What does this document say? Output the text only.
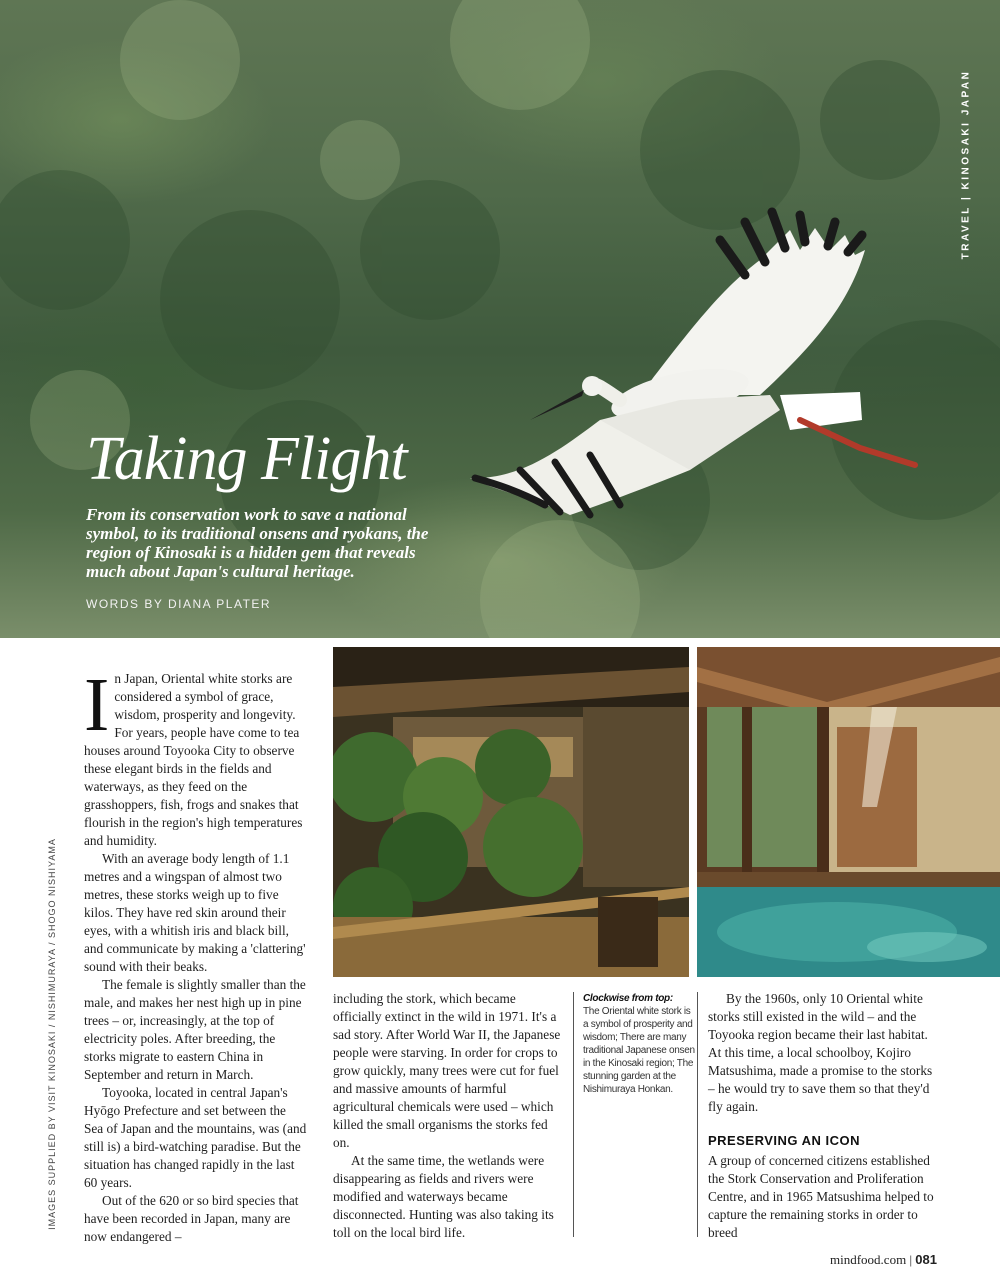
TRAVEL | KINOSAKI JAPAN
Taking Flight

From its conservation work to save a national symbol, to its traditional onsens and ryokans, the region of Kinosaki is a hidden gem that reveals much about Japan's cultural heritage.

WORDS BY DIANA PLATER
IMAGES SUPPLIED BY VISIT KINOSAKI / NISHIMURAYA / SHOGO NISHIYAMA
I n Japan, Oriental white storks are considered a symbol of grace, wisdom, prosperity and longevity. For years, people have come to tea houses around Toyooka City to observe these elegant birds in the fields and waterways, as they feed on the grasshoppers, fish, frogs and snakes that flourish in the region's high temperatures and humidity.

With an average body length of 1.1 metres and a wingspan of almost two metres, these storks weigh up to five kilos. They have red skin around their eyes, with a whitish iris and black bill, and communicate by making a 'clattering' sound with their beaks.

The female is slightly smaller than the male, and makes her nest high up in pine trees – or, increasingly, at the top of electricity poles. After breeding, the storks migrate to eastern China in September and return in March.

Toyooka, located in central Japan's Hyōgo Prefecture and set between the Sea of Japan and the mountains, was (and still is) a bird-watching paradise. But the situation has changed rapidly in the last 60 years.

Out of the 620 or so bird species that have been recorded in Japan, many are now endangered –

including the stork, which became officially extinct in the wild in 1971. It's a sad story. After World War II, the Japanese people were starving. In order for crops to grow quickly, many trees were cut for fuel and massive amounts of harmful agricultural chemicals were used – which killed the small organisms the storks fed on.

At the same time, the wetlands were disappearing as fields and rivers were modified and waterways became disconnected. Hunting was also taking its toll on the local bird life.

Clockwise from top:
The Oriental white stork is a symbol of prosperity and wisdom; There are many traditional Japanese onsen in the Kinosaki region; The stunning garden at the Nishimuraya Honkan.

By the 1960s, only 10 Oriental white storks still existed in the wild – and the Toyooka region became their last habitat. At this time, a local schoolboy, Kojiro Matsushima, made a promise to the storks – he would try to save them so that they'd fly again.

PRESERVING AN ICON

A group of concerned citizens established the Stork Conservation and Proliferation Centre, and in 1965 Matsushima helped to capture the remaining storks in order to breed

mindfood.com | 081
